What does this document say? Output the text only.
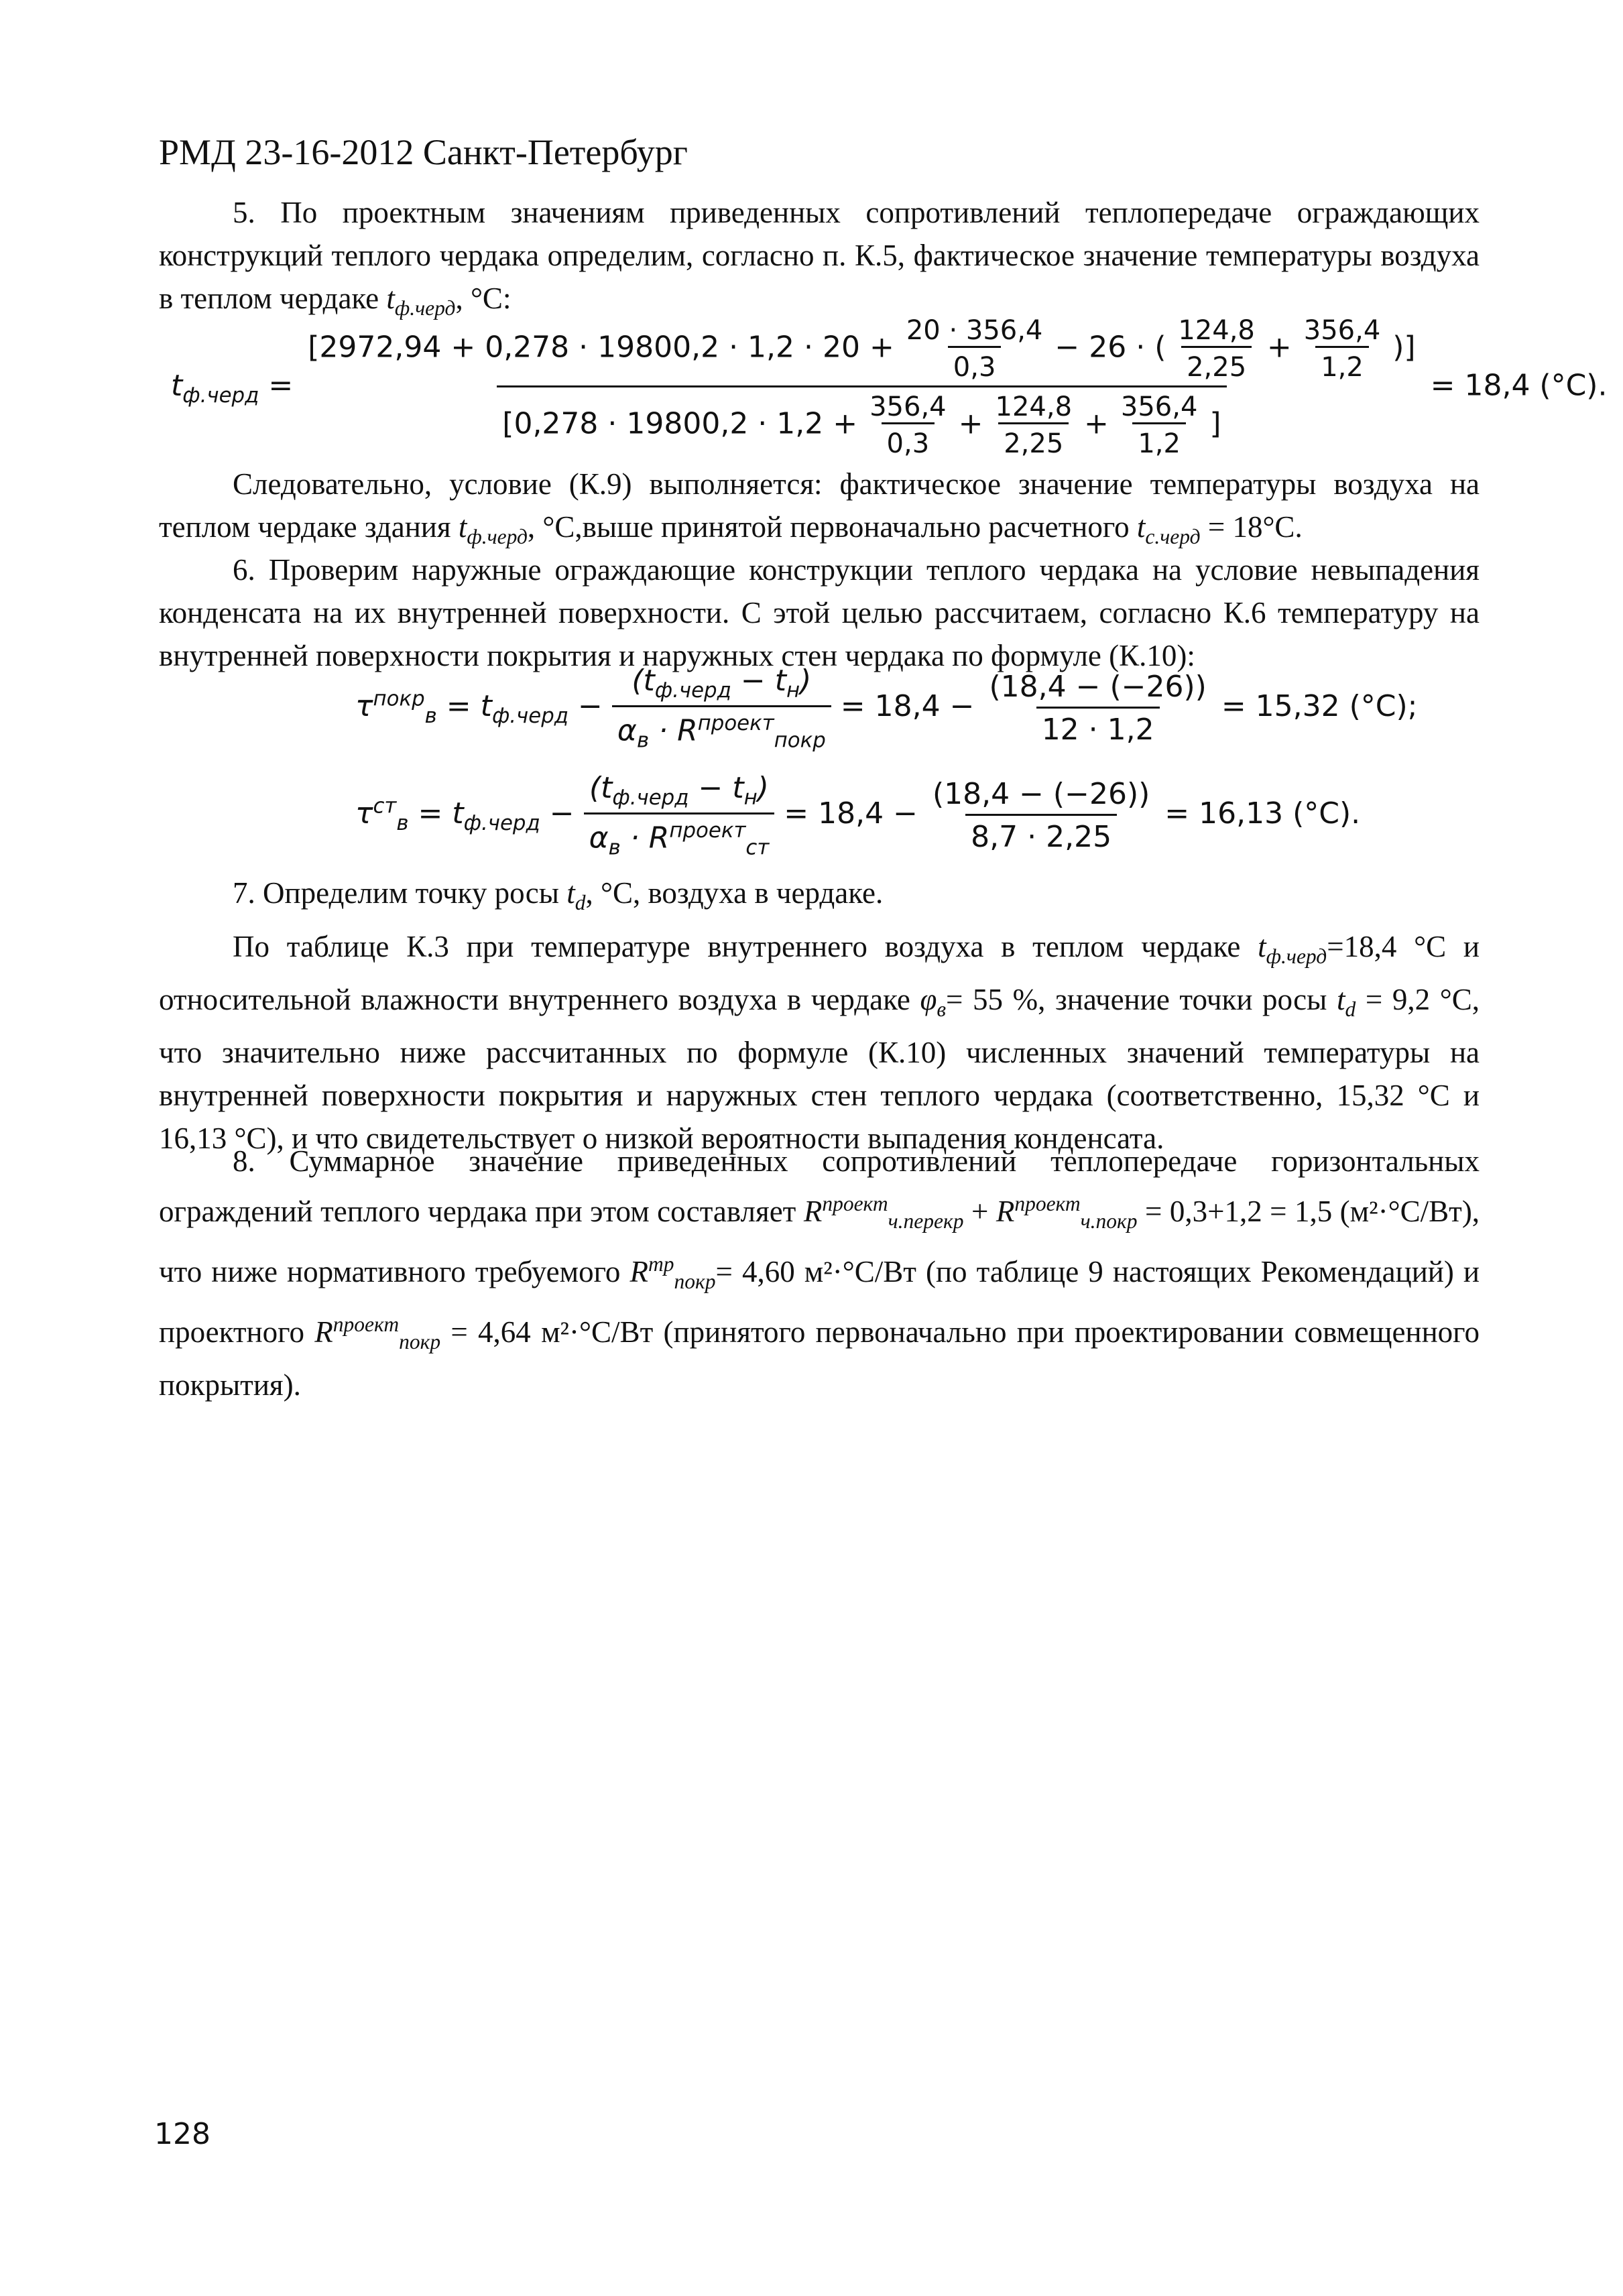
РМД 23-16-2012 Санкт-Петербург
5. По проектным значениям приведенных сопротивлений теплопередаче ограждающих конструкций теплого чердака определим, согласно п. К.5, фактическое значение температуры воздуха в теплом чердаке $t_{ф.черд}$, °С:
$t_{ф.черд}$ =
[$2972,94 + 0,278 \cdot 19800,2 \cdot 1,2 \cdot 20 + \frac{20 \cdot 356,4}{0,3} - 26$ · ( $\frac{124,8}{2,25} + \frac{356,4}{1,2}$ )]
[$0,278 \cdot 19800,2 \cdot 1,2 + \frac{356,4}{0,3} + \frac{124,8}{2,25} + \frac{356,4}{1,2}$ ]
= 18,4 (°С).
Следовательно, условие (К.9) выполняется: фактическое значение температуры воздуха на теплом чердаке здания $t_{ф.черд}$, °С,выше принятой первоначально расчетного $t_{с.черд} = 18^\circ С$.
6. Проверим наружные ограждающие конструкции теплого чердака на условие невыпадения конденсата на их внутренней поверхности. С этой целью рассчитаем, согласно К.6 температуру на внутренней поверхности покрытия и наружных стен чердака по формуле (К.10):
$\tau^{покр}_в = t_{ф.черд} - \frac{(t_{ф.черд} - t_н)}{\alpha_в \cdot R^{проект}_{покр}} = 18,4 - \frac{(18,4 - (-26))}{12 \cdot 1,2} = 15,32$ (°С);
$\tau^{ст}_в = t_{ф.черд} - \frac{(t_{ф.черд} - t_н)}{\alpha_в \cdot R^{проект}_{ст}} = 18,4 - \frac{(18,4 - (-26))}{8,7 \cdot 2,25} = 16,13$ (°С).
7. Определим точку росы $t_d$, °С, воздуха в чердаке.
По таблице К.3 при температуре внутреннего воздуха в теплом чердаке $t_{ф.черд}=18,4$ °С и относительной влажности внутреннего воздуха в чердаке $\varphi_в= 55$ %, значение точки росы $t_d = 9,2$ °С, что значительно ниже рассчитанных по формуле (К.10) численных значений температуры на внутренней поверхности покрытия и наружных стен теплого чердака (соответственно, 15,32 °С и 16,13 °С), и что свидетельствует о низкой вероятности выпадения конденсата.
8. Суммарное значение приведенных сопротивлений теплопередаче горизонтальных ограждений теплого чердака при этом составляет $R^{проект}_{ч.перекр} + R^{проект}_{ч.покр} = 0,3+1,2 = 1,5$ (м²·°С/Вт), что ниже нормативного требуемого $R^{тр}_{покр}= 4,60$ м²·°С/Вт (по таблице 9 настоящих Рекомендаций) и проектного $R^{проект}_{покр} = 4,64$ м²·°С/Вт (принятого первоначально при проектировании совмещенного покрытия).
128
